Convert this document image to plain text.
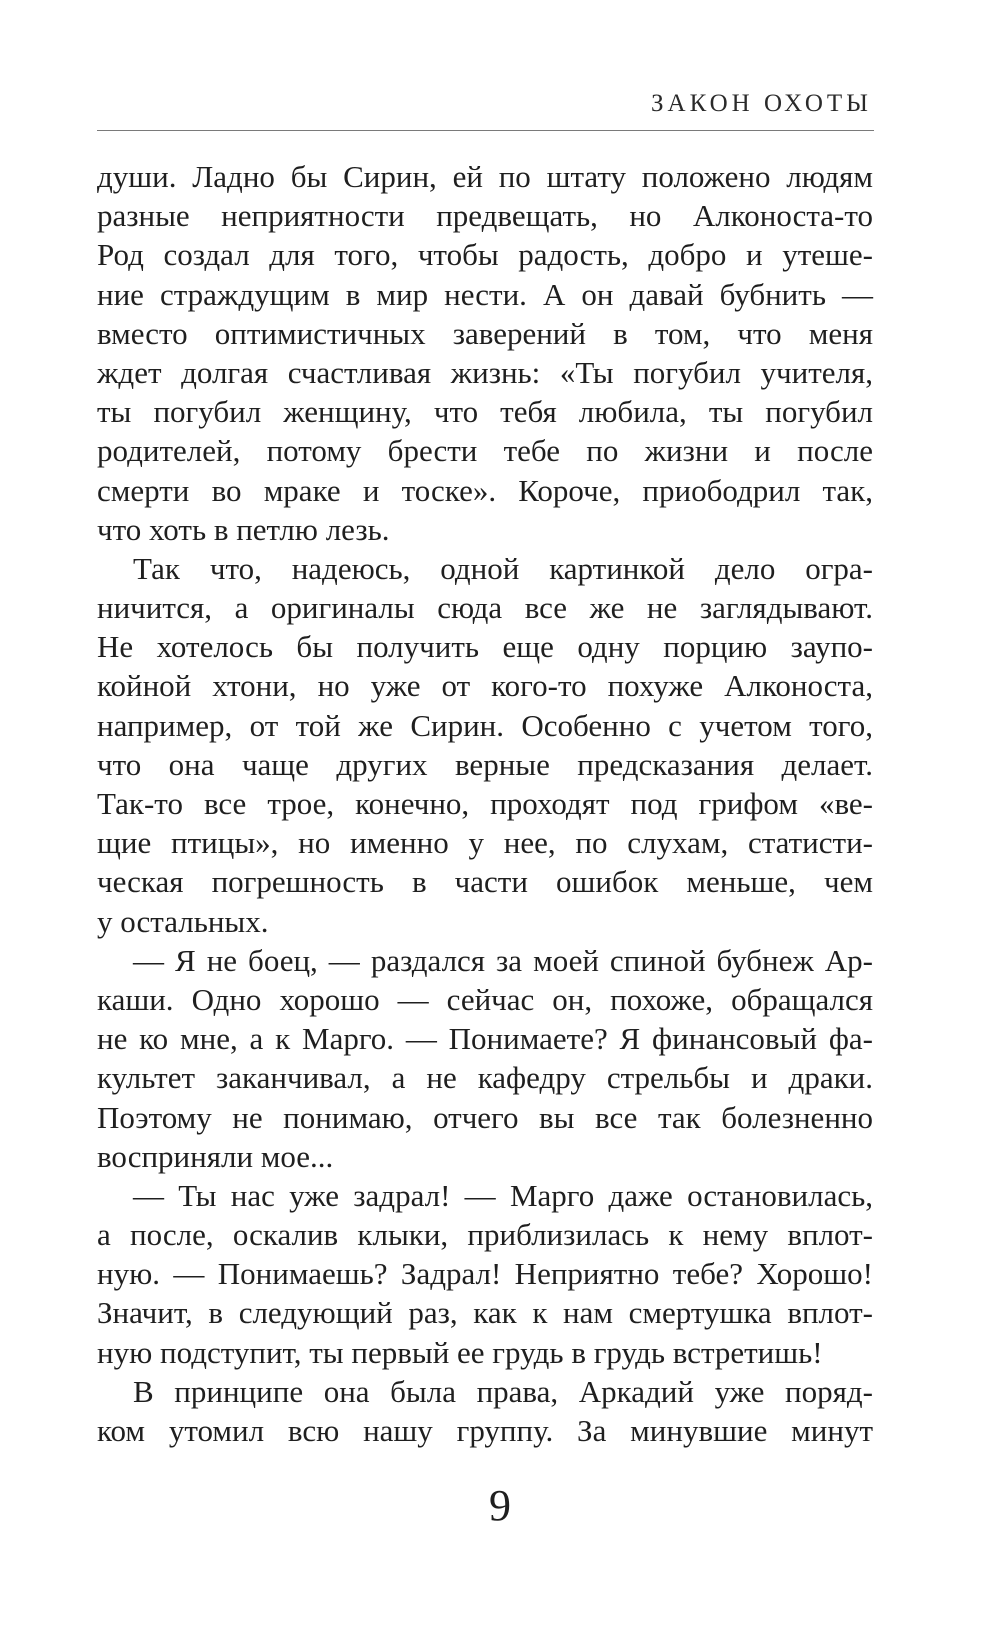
ЗАКОН ОХОТЫ
души. Ладно бы Сирин, ей по штату положено людям
разные неприятности предвещать, но Алконоста-то
Род создал для того, чтобы радость, добро и утеше-
ние страждущим в мир нести. А он давай бубнить —
вместо оптимистичных заверений в том, что меня
ждет долгая счастливая жизнь: «Ты погубил учителя,
ты погубил женщину, что тебя любила, ты погубил
родителей, потому брести тебе по жизни и после
смерти во мраке и тоске». Короче, приободрил так,
что хоть в петлю лезь.
Так что, надеюсь, одной картинкой дело огра-
ничится, а оригиналы сюда все же не заглядывают.
Не хотелось бы получить еще одну порцию заупо-
койной хтони, но уже от кого-то похуже Алконоста,
например, от той же Сирин. Особенно с учетом того,
что она чаще других верные предсказания делает.
Так-то все трое, конечно, проходят под грифом «ве-
щие птицы», но именно у нее, по слухам, статисти-
ческая погрешность в части ошибок меньше, чем
у остальных.
— Я не боец, — раздался за моей спиной бубнеж Ар-
каши. Одно хорошо — сейчас он, похоже, обращался
не ко мне, а к Марго. — Понимаете? Я финансовый фа-
культет заканчивал, а не кафедру стрельбы и драки.
Поэтому не понимаю, отчего вы все так болезненно
восприняли мое...
— Ты нас уже задрал! — Марго даже остановилась,
а после, оскалив клыки, приблизилась к нему вплот-
ную. — Понимаешь? Задрал! Неприятно тебе? Хорошо!
Значит, в следующий раз, как к нам смертушка вплот-
ную подступит, ты первый ее грудь в грудь встретишь!
В принципе она была права, Аркадий уже поряд-
ком утомил всю нашу группу. За минувшие минут
9
